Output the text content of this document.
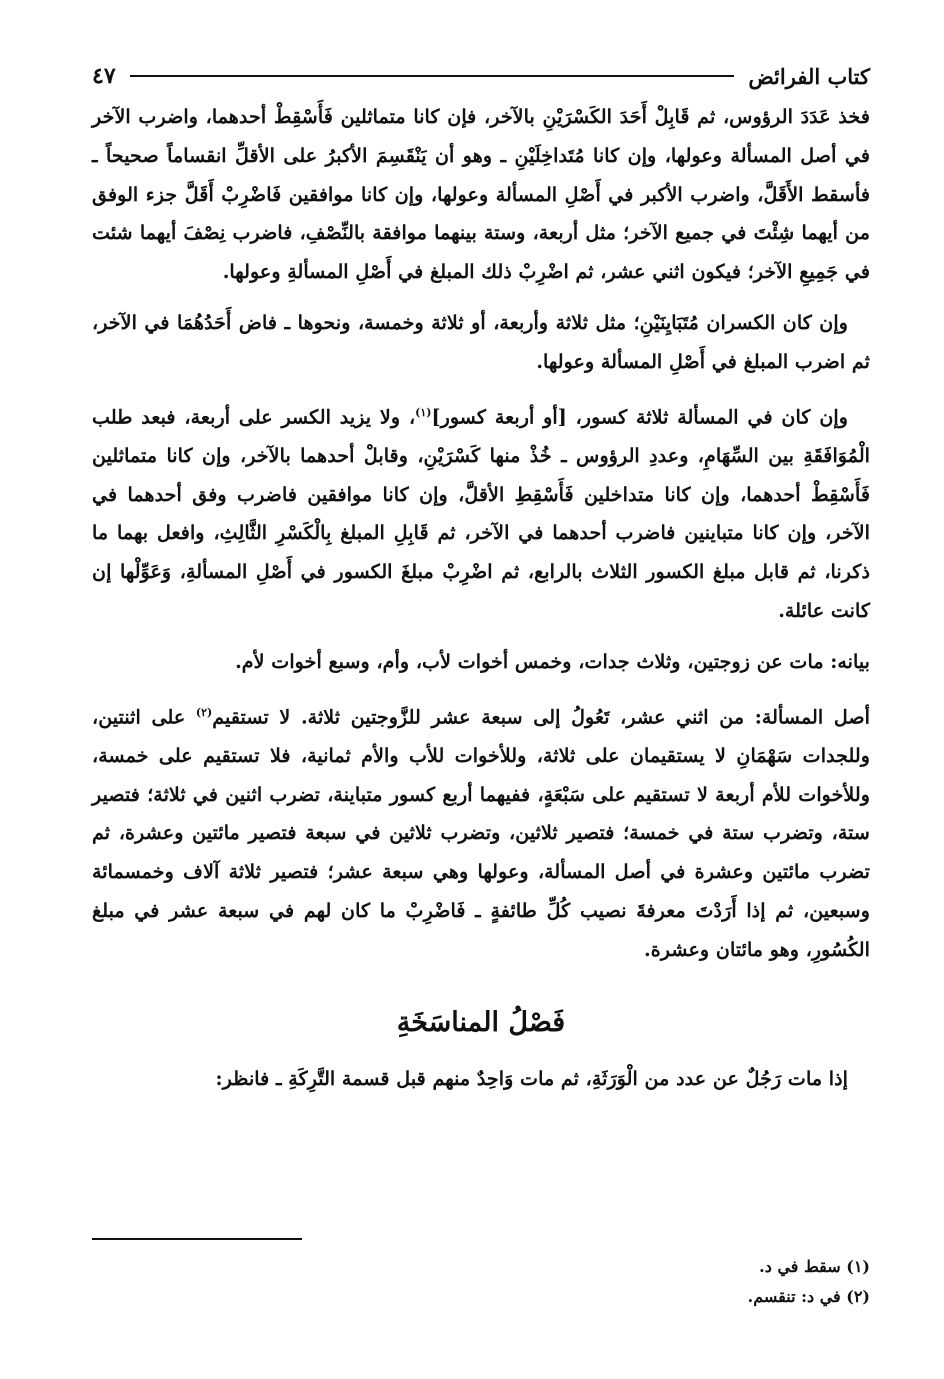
كتاب الفرائض
٤٧

فخذ عَدَدَ الرؤوس، ثم قَابِلْ أَحَدَ الكَسْرَيْنِ بالآخر، فإن كانا متماثلين فَأَسْقِطْ أحدهما، واضرب الآخر في أصل المسألة وعولها، وإن كانا مُتَداخِلَيْنِ ـ وهو أن يَنْقَسِمَ الأكبرُ على الأقلِّ انقساماً صحيحاً ـ فأسقط الأَقَلَّ، واضرب الأكبر في أَصْلِ المسألة وعولها، وإن كانا موافقين فَاضْرِبْ أَقَلَّ جزء الوفق من أيهما شِئْتَ في جميع الآخر؛ مثل أربعة، وستة بينهما موافقة بالنِّصْفِ، فاضرب نِصْفَ أيهما شئت في جَمِيعِ الآخر؛ فيكون اثني عشر، ثم اضْرِبْ ذلك المبلغ في أَصْلِ المسألةِ وعولها.

وإن كان الكسران مُتَبَايِنَيْنِ؛ مثل ثلاثة وأربعة، أو ثلاثة وخمسة، ونحوها ـ فاض أَحَدُهُمَا في الآخر، ثم اضرب المبلغ في أَصْلِ المسألة وعولها.

وإن كان في المسألة ثلاثة كسور، [أو أربعة كسور]$^{(١)}$، ولا يزيد الكسر على أربعة، فبعد طلب الْمُوَافَقَةِ بين السِّهَامِ، وعددِ الرؤوس ـ خُذْ منها كَسْرَيْنِ، وقابلْ أحدهما بالآخر، وإن كانا متماثلين فَأَسْقِطْ أحدهما، وإن كانا متداخلين فَأَسْقِطِ الأقلَّ، وإن كانا موافقين فاضرب وفق أحدهما في الآخر، وإن كانا متباينين فاضرب أحدهما في الآخر، ثم قَابِلِ المبلغ بِالْكَسْرِ الثَّالِثِ، وافعل بهما ما ذكرنا، ثم قابل مبلغ الكسور الثلاث بالرابع، ثم اضْرِبْ مبلغَ الكسور في أَصْلِ المسألةِ، وَعَوِّلْها إن كانت عائلة.

بيانه: مات عن زوجتين، وثلاث جدات، وخمس أخوات لأب، وأم، وسبع أخوات لأم.

أصل المسألة: من اثني عشر، تَعُولُ إلى سبعة عشر للزَّوجتين ثلاثة. لا تستقيم$^{(٢)}$ على اثنتين، وللجدات سَهْمَانِ لا يستقيمان على ثلاثة، وللأخوات للأب والأم ثمانية، فلا تستقيم على خمسة، وللأخوات للأم أربعة لا تستقيم على سَبْعَةٍ، ففيهما أربع كسور متباينة، تضرب اثنين في ثلاثة؛ فتصير ستة، وتضرب ستة في خمسة؛ فتصير ثلاثين، وتضرب ثلاثين في سبعة فتصير مائتين وعشرة، ثم تضرب مائتين وعشرة في أصل المسألة، وعولها وهي سبعة عشر؛ فتصير ثلاثة آلاف وخمسمائة وسبعين، ثم إذا أَرَدْتَ معرفةَ نصيب كُلِّ طائفةٍ ـ فَاضْرِبْ ما كان لهم في سبعة عشر في مبلغ الكُسُورِ، وهو مائتان وعشرة.

فَصْلُ المناسَخَةِ

إذا مات رَجُلٌ عن عدد من الْوَرَثَةِ، ثم مات وَاحِدٌ منهم قبل قسمة التَّرِكَةِ ـ فانظر:

(١) سقط في د.
(٢) في د: تنقسم.
